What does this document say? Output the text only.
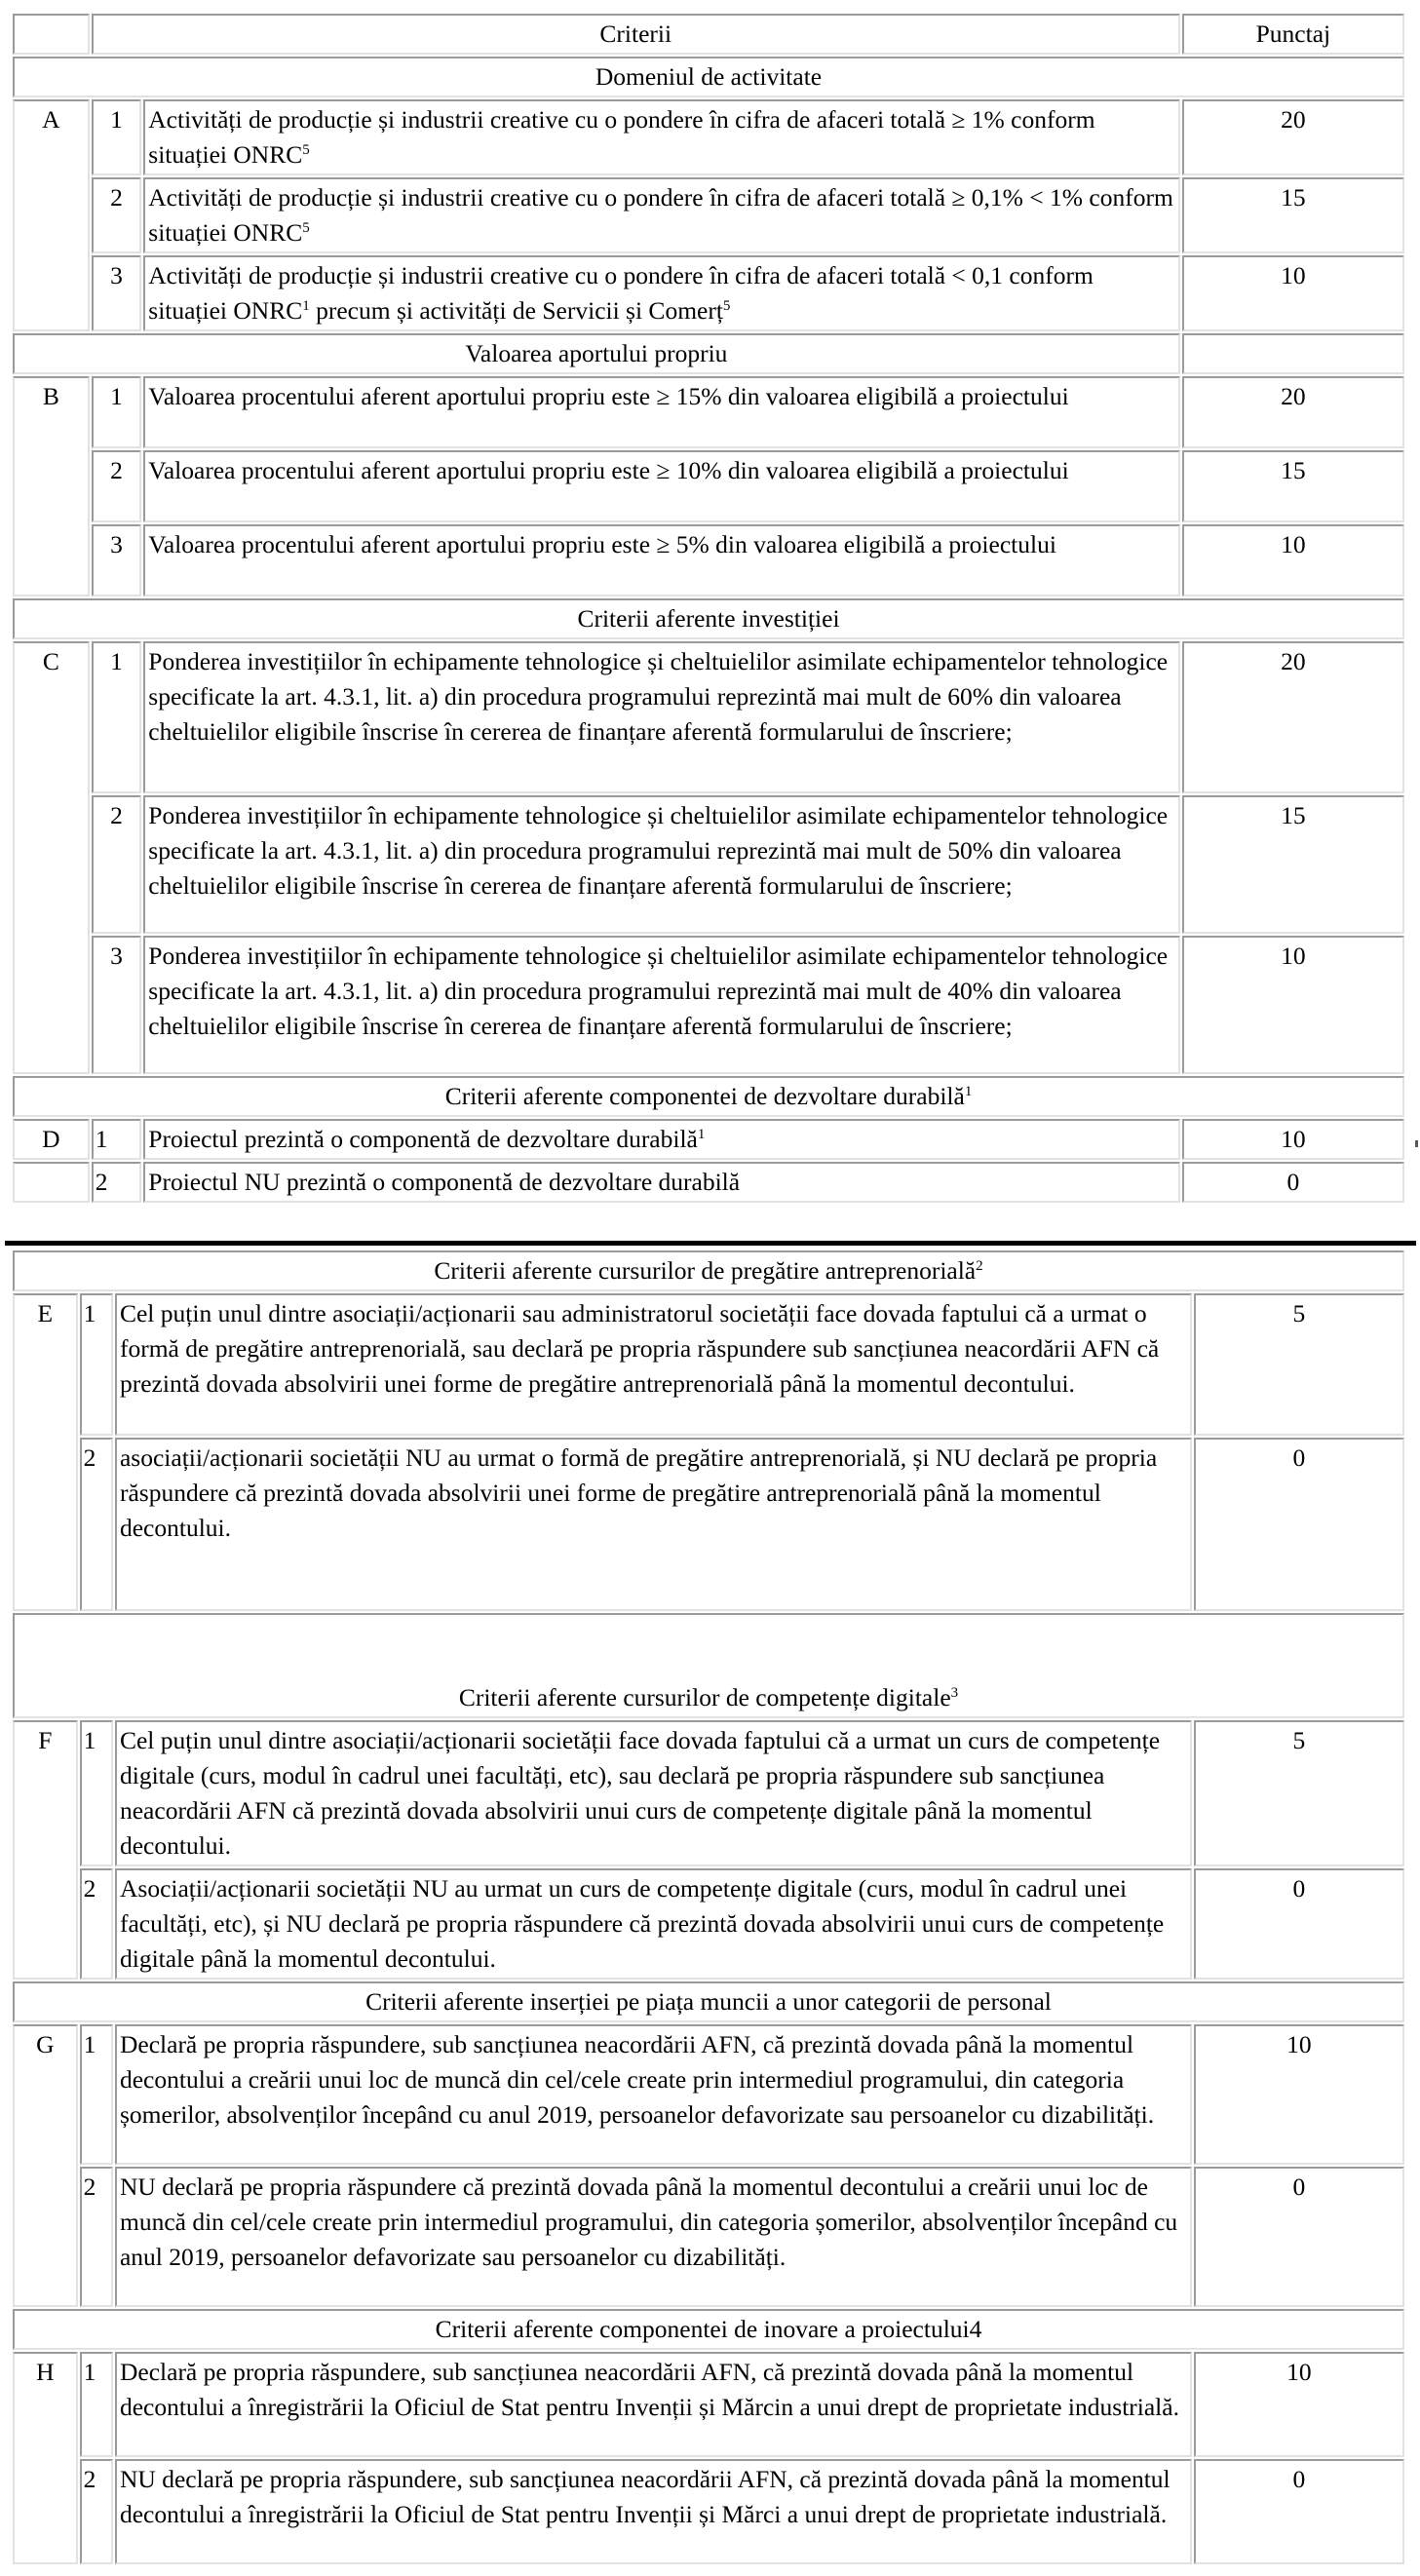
	Criterii		Punctaj
Domeniul de activitate			
A	1	Activități de producție și industrii creative cu o pondere în cifra de afaceri totală ≥ 1% conform situației ONRC$^5$	20
	2	Activități de producție și industrii creative cu o pondere în cifra de afaceri totală ≥ 0,1% < 1% conform situației ONRC$^5$	15
	3	Activități de producție și industrii creative cu o pondere în cifra de afaceri totală < 0,1 conform situației ONRC$^1$ precum și activități de Servicii și Comerț$^5$	10
Valoarea aportului propriu			
B	1	Valoarea procentului aferent aportului propriu este ≥ 15% din valoarea eligibilă a proiectului	20
	2	Valoarea procentului aferent aportului propriu este ≥ 10% din valoarea eligibilă a proiectului	15
	3	Valoarea procentului aferent aportului propriu este ≥ 5% din valoarea eligibilă a proiectului	10
Criterii aferente investiției			
C	1	Ponderea investițiilor în echipamente tehnologice și cheltuielilor asimilate echipamentelor tehnologice specificate la art. 4.3.1, lit. a) din procedura programului reprezintă mai mult de 60% din valoarea cheltuielilor eligibile înscrise în cererea de finanțare aferentă formularului de înscriere;	20
	2	Ponderea investițiilor în echipamente tehnologice și cheltuielilor asimilate echipamentelor tehnologice specificate la art. 4.3.1, lit. a) din procedura programului reprezintă mai mult de 50% din valoarea cheltuielilor eligibile înscrise în cererea de finanțare aferentă formularului de înscriere;	15
	3	Ponderea investițiilor în echipamente tehnologice și cheltuielilor asimilate echipamentelor tehnologice specificate la art. 4.3.1, lit. a) din procedura programului reprezintă mai mult de 40% din valoarea cheltuielilor eligibile înscrise în cererea de finanțare aferentă formularului de înscriere;	10
Criterii aferente componentei de dezvoltare durabilă$^1$
D	1	Proiectul prezintă o componentă de dezvoltare durabilă$^1$	10
	2	Proiectul NU prezintă o componentă de dezvoltare durabilă	0
Criterii aferente cursurilor de pregătire antreprenorială$^2$
E	1	Cel puțin unul dintre asociații/acționarii sau administratorul societății face dovada faptului că a urmat o formă de pregătire antreprenorială, sau declară pe propria răspundere sub sancțiunea neacordării AFN că prezintă dovada absolvirii unei forme de pregătire antreprenorială până la momentul decontului.	5
	2	asociații/acționarii societății NU au urmat o formă de pregătire antreprenorială, și NU declară pe propria răspundere că prezintă dovada absolvirii unei forme de pregătire antreprenorială până la momentul decontului.	0
Criterii aferente cursurilor de competențe digitale$^3$
F	1	Cel puțin unul dintre asociații/acționarii societății face dovada faptului că a urmat un curs de competențe digitale (curs, modul în cadrul unei facultăți, etc), sau declară pe propria răspundere sub sancțiunea neacordării AFN că prezintă dovada absolvirii unui curs de competențe digitale până la momentul decontului.	5
	2	Asociații/acționarii societății NU au urmat un curs de competențe digitale (curs, modul în cadrul unei facultăți, etc), și NU declară pe propria răspundere că prezintă dovada absolvirii unui curs de competențe digitale până la momentul decontului.	0
Criterii aferente inserției pe piața muncii a unor categorii de personal			
G	1	Declară pe propria răspundere, sub sancțiunea neacordării AFN, că prezintă dovada până la momentul decontului a creării unui loc de muncă din cel/cele create prin intermediul programului, din categoria șomerilor, absolvenților începând cu anul 2019, persoanelor defavorizate sau persoanelor cu dizabilități.	10
	2	NU declară pe propria răspundere că prezintă dovada până la momentul decontului a creării unui loc de muncă din cel/cele create prin intermediul programului, din categoria șomerilor, absolvenților începând cu anul 2019, persoanelor defavorizate sau persoanelor cu dizabilități.	0
Criterii aferente componentei de inovare a proiectului4			
H	1	Declară pe propria răspundere, sub sancțiunea neacordării AFN, că prezintă dovada până la momentul decontului a înregistrării la Oficiul de Stat pentru Invenții și Mărcin a unui drept de proprietate industrială.	10
	2	NU declară pe propria răspundere, sub sancțiunea neacordării AFN, că prezintă dovada până la momentul decontului a înregistrării la Oficiul de Stat pentru Invenții și Mărci a unui drept de proprietate industrială.	0
